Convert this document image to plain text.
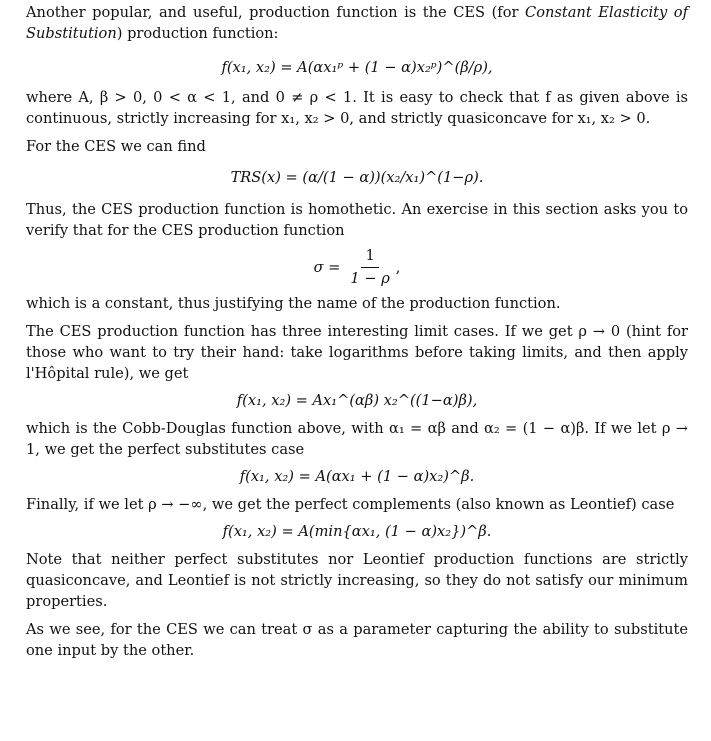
Another popular, and useful, production function is the CES (for Constant Elasticity of Substitution) production function:

f(x₁, x₂) = A(αx₁ᵖ + (1 − α)x₂ᵖ)^(β/ρ),

where A, β > 0, 0 < α < 1, and 0 ≠ ρ < 1. It is easy to check that f as given above is continuous, strictly increasing for x₁, x₂ > 0, and strictly quasiconcave for x₁, x₂ > 0.

For the CES we can find

TRS(x) = (α/(1 − α))(x₂/x₁)^(1−ρ).

Thus, the CES production function is homothetic. An exercise in this section asks you to verify that for the CES production function

$\sigma = \frac{1}{1 - \rho}$ ,

which is a constant, thus justifying the name of the production function.

The CES production function has three interesting limit cases. If we get ρ → 0 (hint for those who want to try their hand: take logarithms before taking limits, and then apply l'Hôpital rule), we get

f(x₁, x₂) = Ax₁^(αβ) x₂^((1−α)β),

which is the Cobb-Douglas function above, with α₁ = αβ and α₂ = (1 − α)β. If we let ρ → 1, we get the perfect substitutes case

f(x₁, x₂) = A(αx₁ + (1 − α)x₂)^β.

Finally, if we let ρ → −∞, we get the perfect complements (also known as Leontief) case

f(x₁, x₂) = A(min{αx₁, (1 − α)x₂})^β.

Note that neither perfect substitutes nor Leontief production functions are strictly quasiconcave, and Leontief is not strictly increasing, so they do not satisfy our minimum properties.

As we see, for the CES we can treat σ as a parameter capturing the ability to substitute one input by the other.
